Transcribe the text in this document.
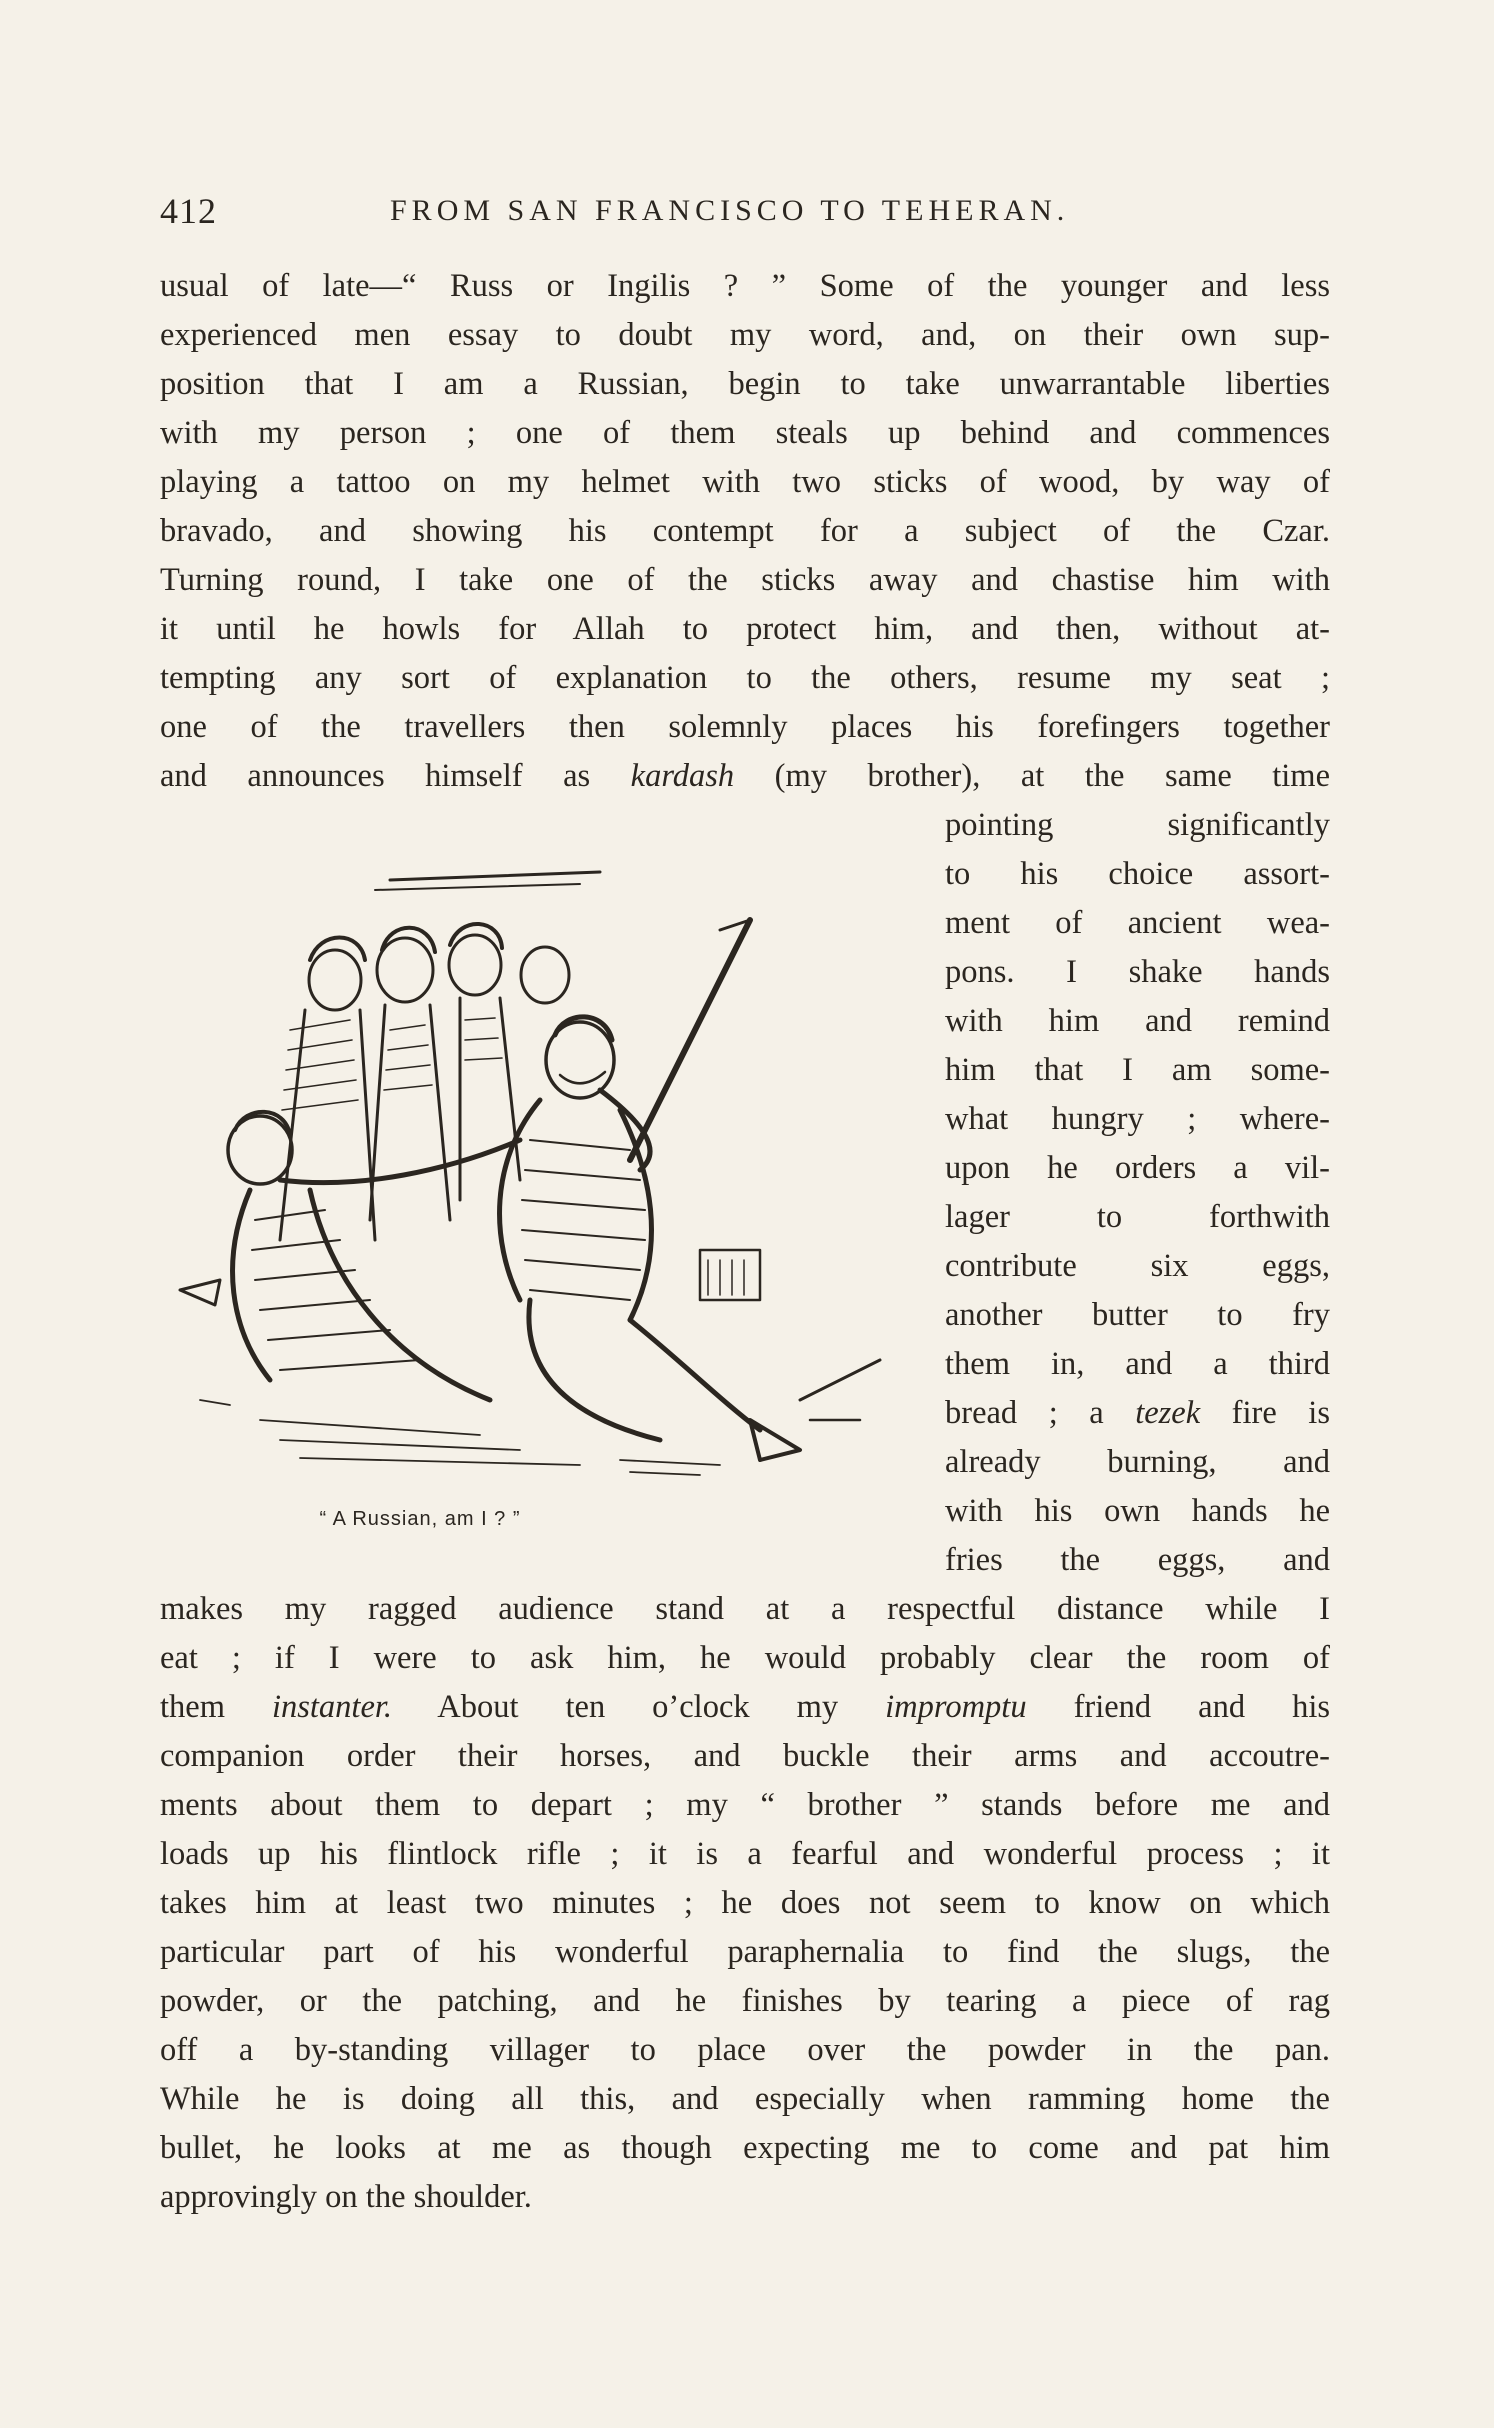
412	FROM SAN FRANCISCO TO TEHERAN.
usual of late—“ Russ or Ingilis ? ” Some of the younger and less
experienced men essay to doubt my word, and, on their own sup-
position that I am a Russian, begin to take unwarrantable liberties
with my person ; one of them steals up behind and commences
playing a tattoo on my helmet with two sticks of wood, by way of
bravado, and showing his contempt for a subject of the Czar.
Turning round, I take one of the sticks away and chastise him with
it until he howls for Allah to protect him, and then, without at-
tempting any sort of explanation to the others, resume my seat ;
one of the travellers then solemnly places his forefingers together
and announces himself as kardash (my brother), at the same time
pointing significantly
to his choice assort-
ment of ancient wea-
pons. I shake hands
with him and remind
him that I am some-
what hungry ; where-
upon he orders a vil-
lager to forthwith
contribute six eggs,
another butter to fry
them in, and a third
bread ; a tezek fire is
already burning, and
with his own hands he
fries the eggs, and
“ A Russian, am I ? ”
makes my ragged audience stand at a respectful distance while I
eat ; if I were to ask him, he would probably clear the room of
them instanter. About ten o’clock my impromptu friend and his
companion order their horses, and buckle their arms and accoutre-
ments about them to depart ; my “ brother ” stands before me and
loads up his flintlock rifle ; it is a fearful and wonderful process ; it
takes him at least two minutes ; he does not seem to know on which
particular part of his wonderful paraphernalia to find the slugs, the
powder, or the patching, and he finishes by tearing a piece of rag
off a by-standing villager to place over the powder in the pan.
While he is doing all this, and especially when ramming home the
bullet, he looks at me as though expecting me to come and pat him
approvingly on the shoulder.
